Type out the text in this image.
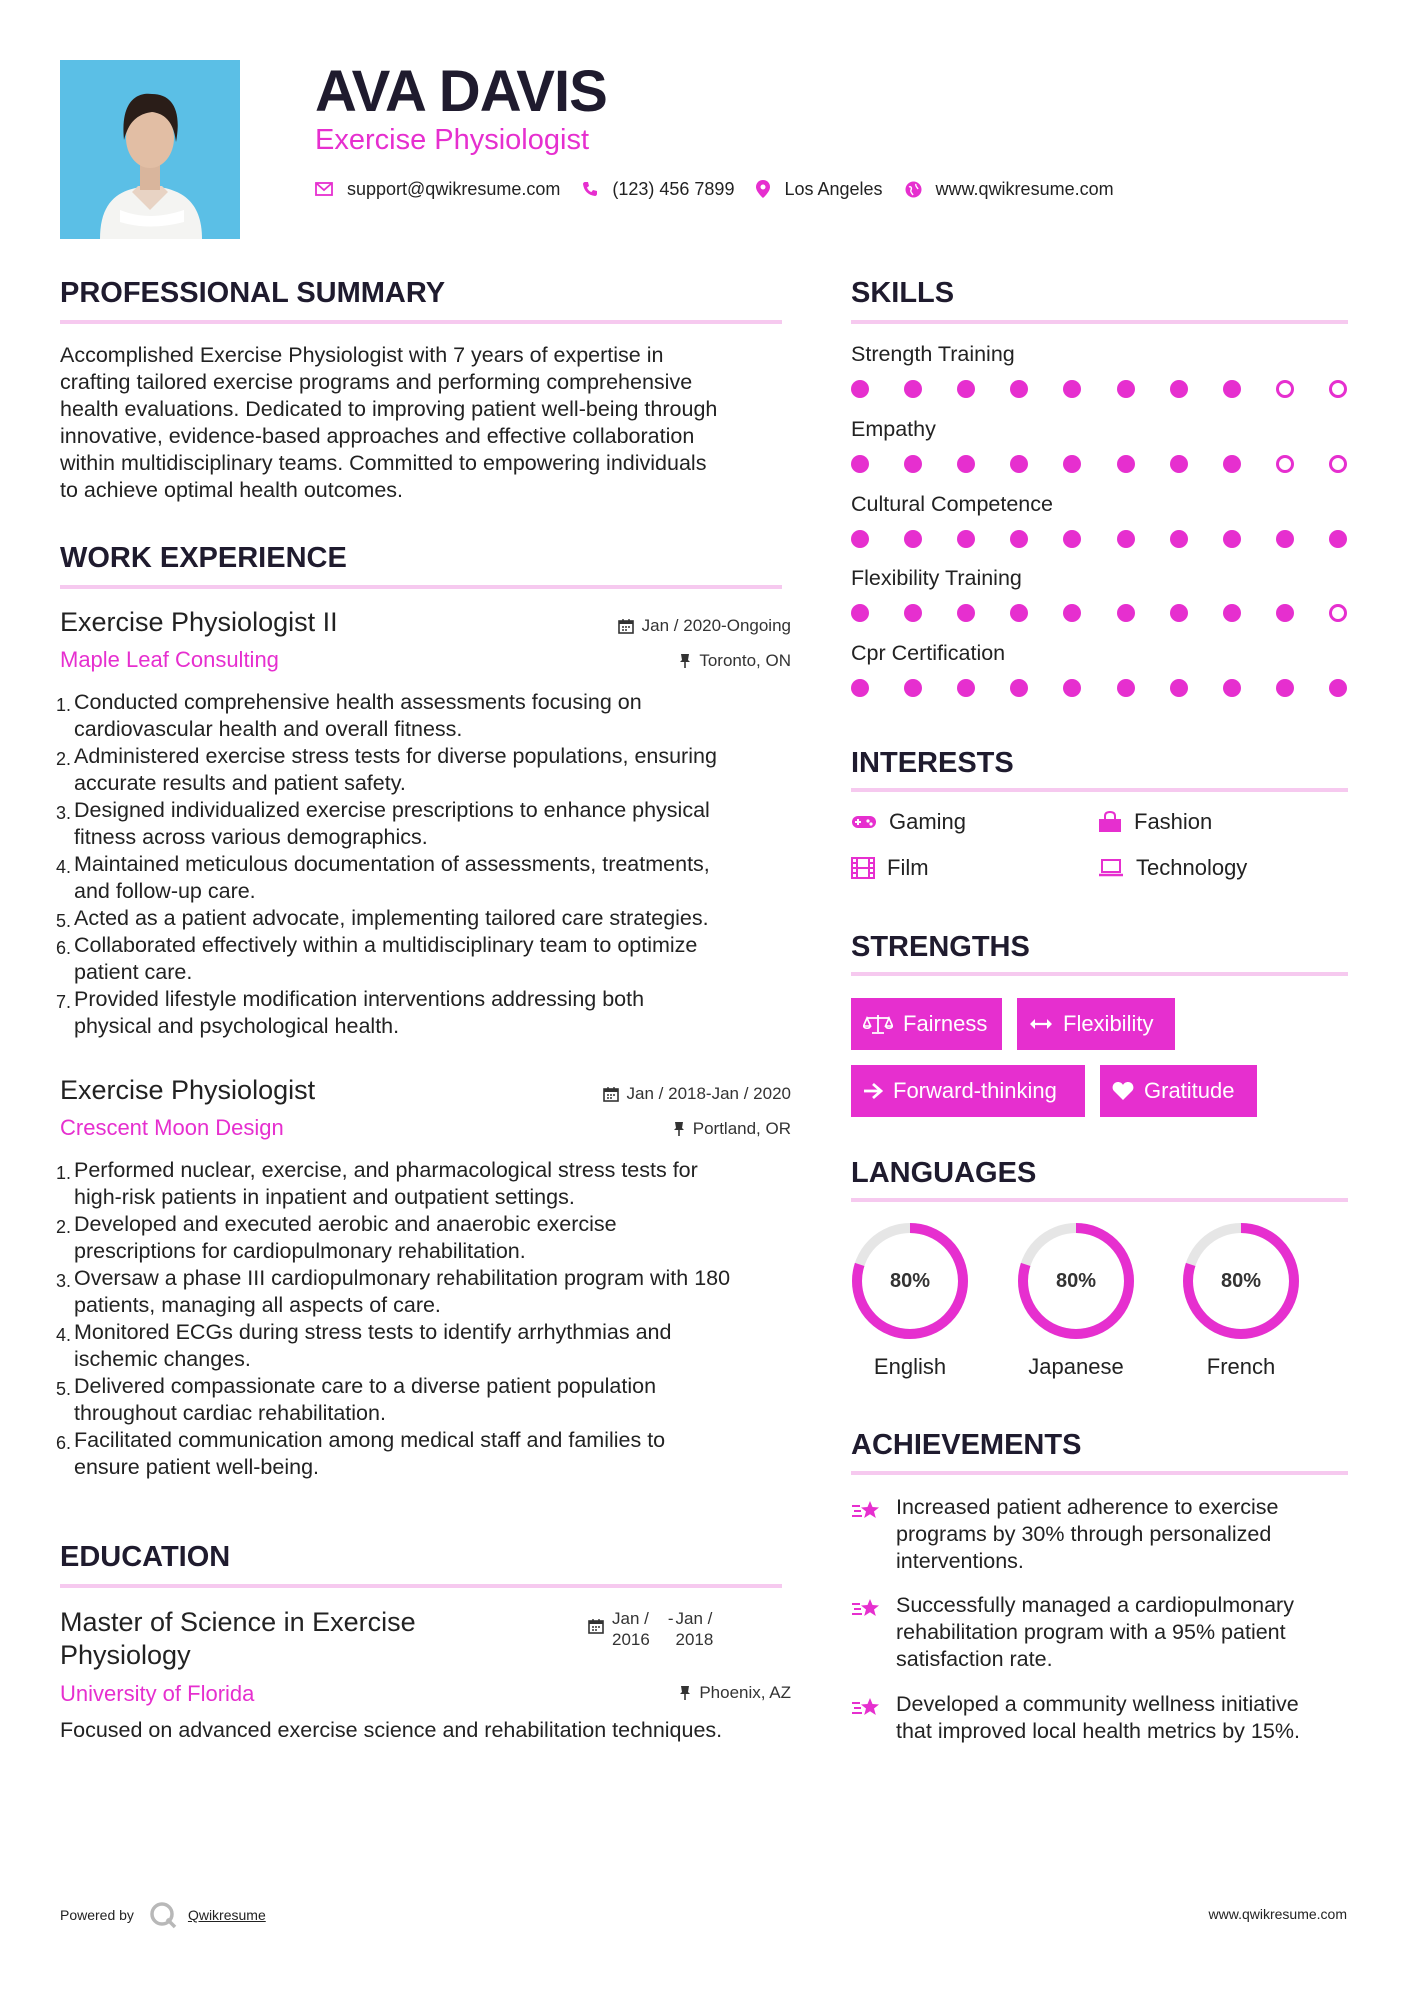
AVA DAVIS
Exercise Physiologist
support@qwikresume.com	(123) 456 7899	Los Angeles	www.qwikresume.com
PROFESSIONAL SUMMARY
Accomplished Exercise Physiologist with 7 years of expertise in
crafting tailored exercise programs and performing comprehensive
health evaluations. Dedicated to improving patient well-being through
innovative, evidence-based approaches and effective collaboration
within multidisciplinary teams. Committed to empowering individuals
to achieve optimal health outcomes.
WORK EXPERIENCE
Exercise Physiologist II
Maple Leaf Consulting
Jan / 2020-Ongoing
Toronto, ON
1. Conducted comprehensive health assessments focusing on
cardiovascular health and overall fitness.
2. Administered exercise stress tests for diverse populations, ensuring
accurate results and patient safety.
3. Designed individualized exercise prescriptions to enhance physical
fitness across various demographics.
4. Maintained meticulous documentation of assessments, treatments,
and follow-up care.
5. Acted as a patient advocate, implementing tailored care strategies.
6. Collaborated effectively within a multidisciplinary team to optimize
patient care.
7. Provided lifestyle modification interventions addressing both
physical and psychological health.
Exercise Physiologist
Crescent Moon Design
Jan / 2018-Jan / 2020
Portland, OR
1. Performed nuclear, exercise, and pharmacological stress tests for
high-risk patients in inpatient and outpatient settings.
2. Developed and executed aerobic and anaerobic exercise
prescriptions for cardiopulmonary rehabilitation.
3. Oversaw a phase III cardiopulmonary rehabilitation program with 180
patients, managing all aspects of care.
4. Monitored ECGs during stress tests to identify arrhythmias and
ischemic changes.
5. Delivered compassionate care to a diverse patient population
throughout cardiac rehabilitation.
6. Facilitated communication among medical staff and families to
ensure patient well-being.
EDUCATION
Master of Science in Exercise
Physiology
University of Florida
Jan /
2016
- Jan /
2018
Phoenix, AZ
Focused on advanced exercise science and rehabilitation techniques.
SKILLS
Strength Training
Empathy
Cultural Competence
Flexibility Training
Cpr Certification
INTERESTS
Gaming	Fashion
Film	Technology
STRENGTHS
Fairness	Flexibility
Forward-thinking	Gratitude
LANGUAGES
80%
English
80%
Japanese
80%
French
ACHIEVEMENTS
Increased patient adherence to exercise
programs by 30% through personalized
interventions.
Successfully managed a cardiopulmonary
rehabilitation program with a 95% patient
satisfaction rate.
Developed a community wellness initiative
that improved local health metrics by 15%.
Powered by	Qwikresume	www.qwikresume.com
